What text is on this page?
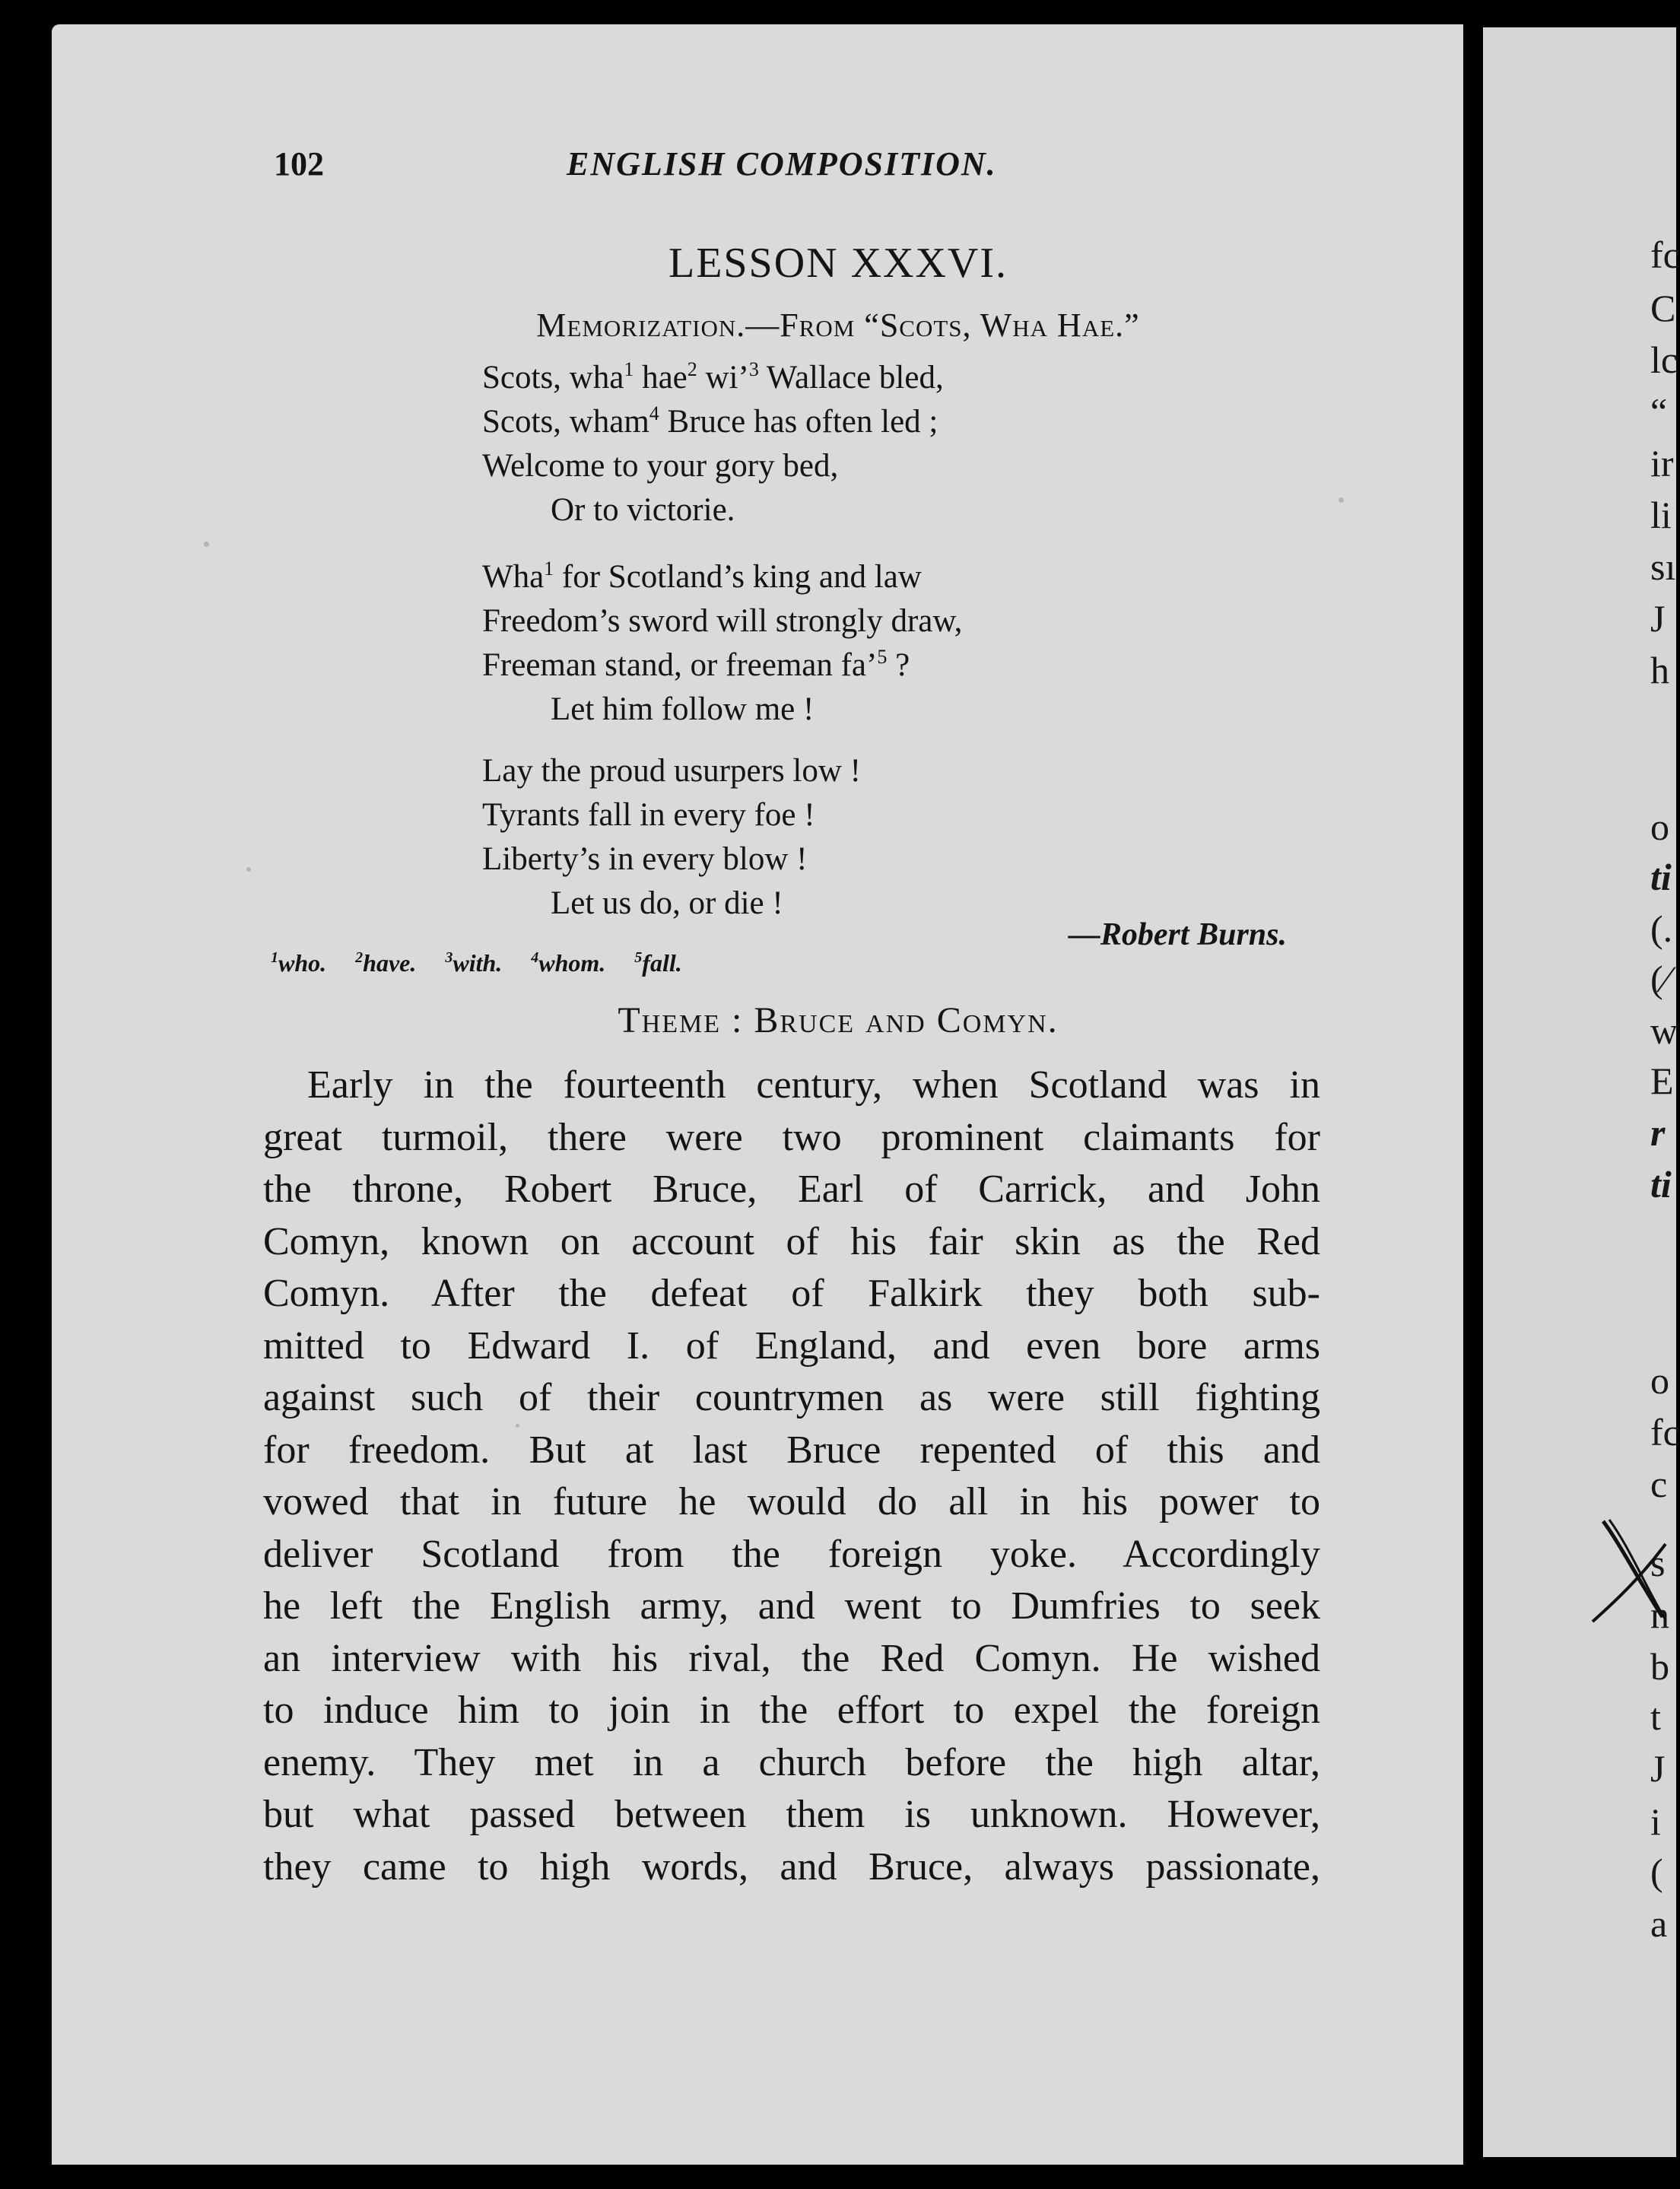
fc
C
lc
“
ir
li
sı
J
h
o
ti
(.
(⁄
w
E
r
ti
o
fc
c
s
n
b
t
J
i
(
a
102	ENGLISH COMPOSITION.
LESSON XXXVI.
Memorization.—From “Scots, Wha Hae.”
Scots, wha$^1$ hae$^2$ wi’$^3$ Wallace bled,
Scots, wham$^4$ Bruce has often led ;
Welcome to your gory bed,
Or to victorie.
Wha$^1$ for Scotland’s king and law
Freedom’s sword will strongly draw,
Freeman stand, or freeman fa’$^5$ ?
Let him follow me !
Lay the proud usurpers low !
Tyrants fall in every foe !
Liberty’s in every blow !
Let us do, or die !
—Robert Burns.
$^1$who. $^2$have. $^3$with. $^4$whom. $^5$fall.
Theme : Bruce and Comyn.
Early in the fourteenth century, when Scotland was in
great turmoil, there were two prominent claimants for
the throne, Robert Bruce, Earl of Carrick, and John
Comyn, known on account of his fair skin as the Red
Comyn. After the defeat of Falkirk they both sub-
mitted to Edward I. of England, and even bore arms
against such of their countrymen as were still fighting
for freedom. But at last Bruce repented of this and
vowed that in future he would do all in his power to
deliver Scotland from the foreign yoke. Accordingly
he left the English army, and went to Dumfries to seek
an interview with his rival, the Red Comyn. He wished
to induce him to join in the effort to expel the foreign
enemy. They met in a church before the high altar,
but what passed between them is unknown. However,
they came to high words, and Bruce, always passionate,
